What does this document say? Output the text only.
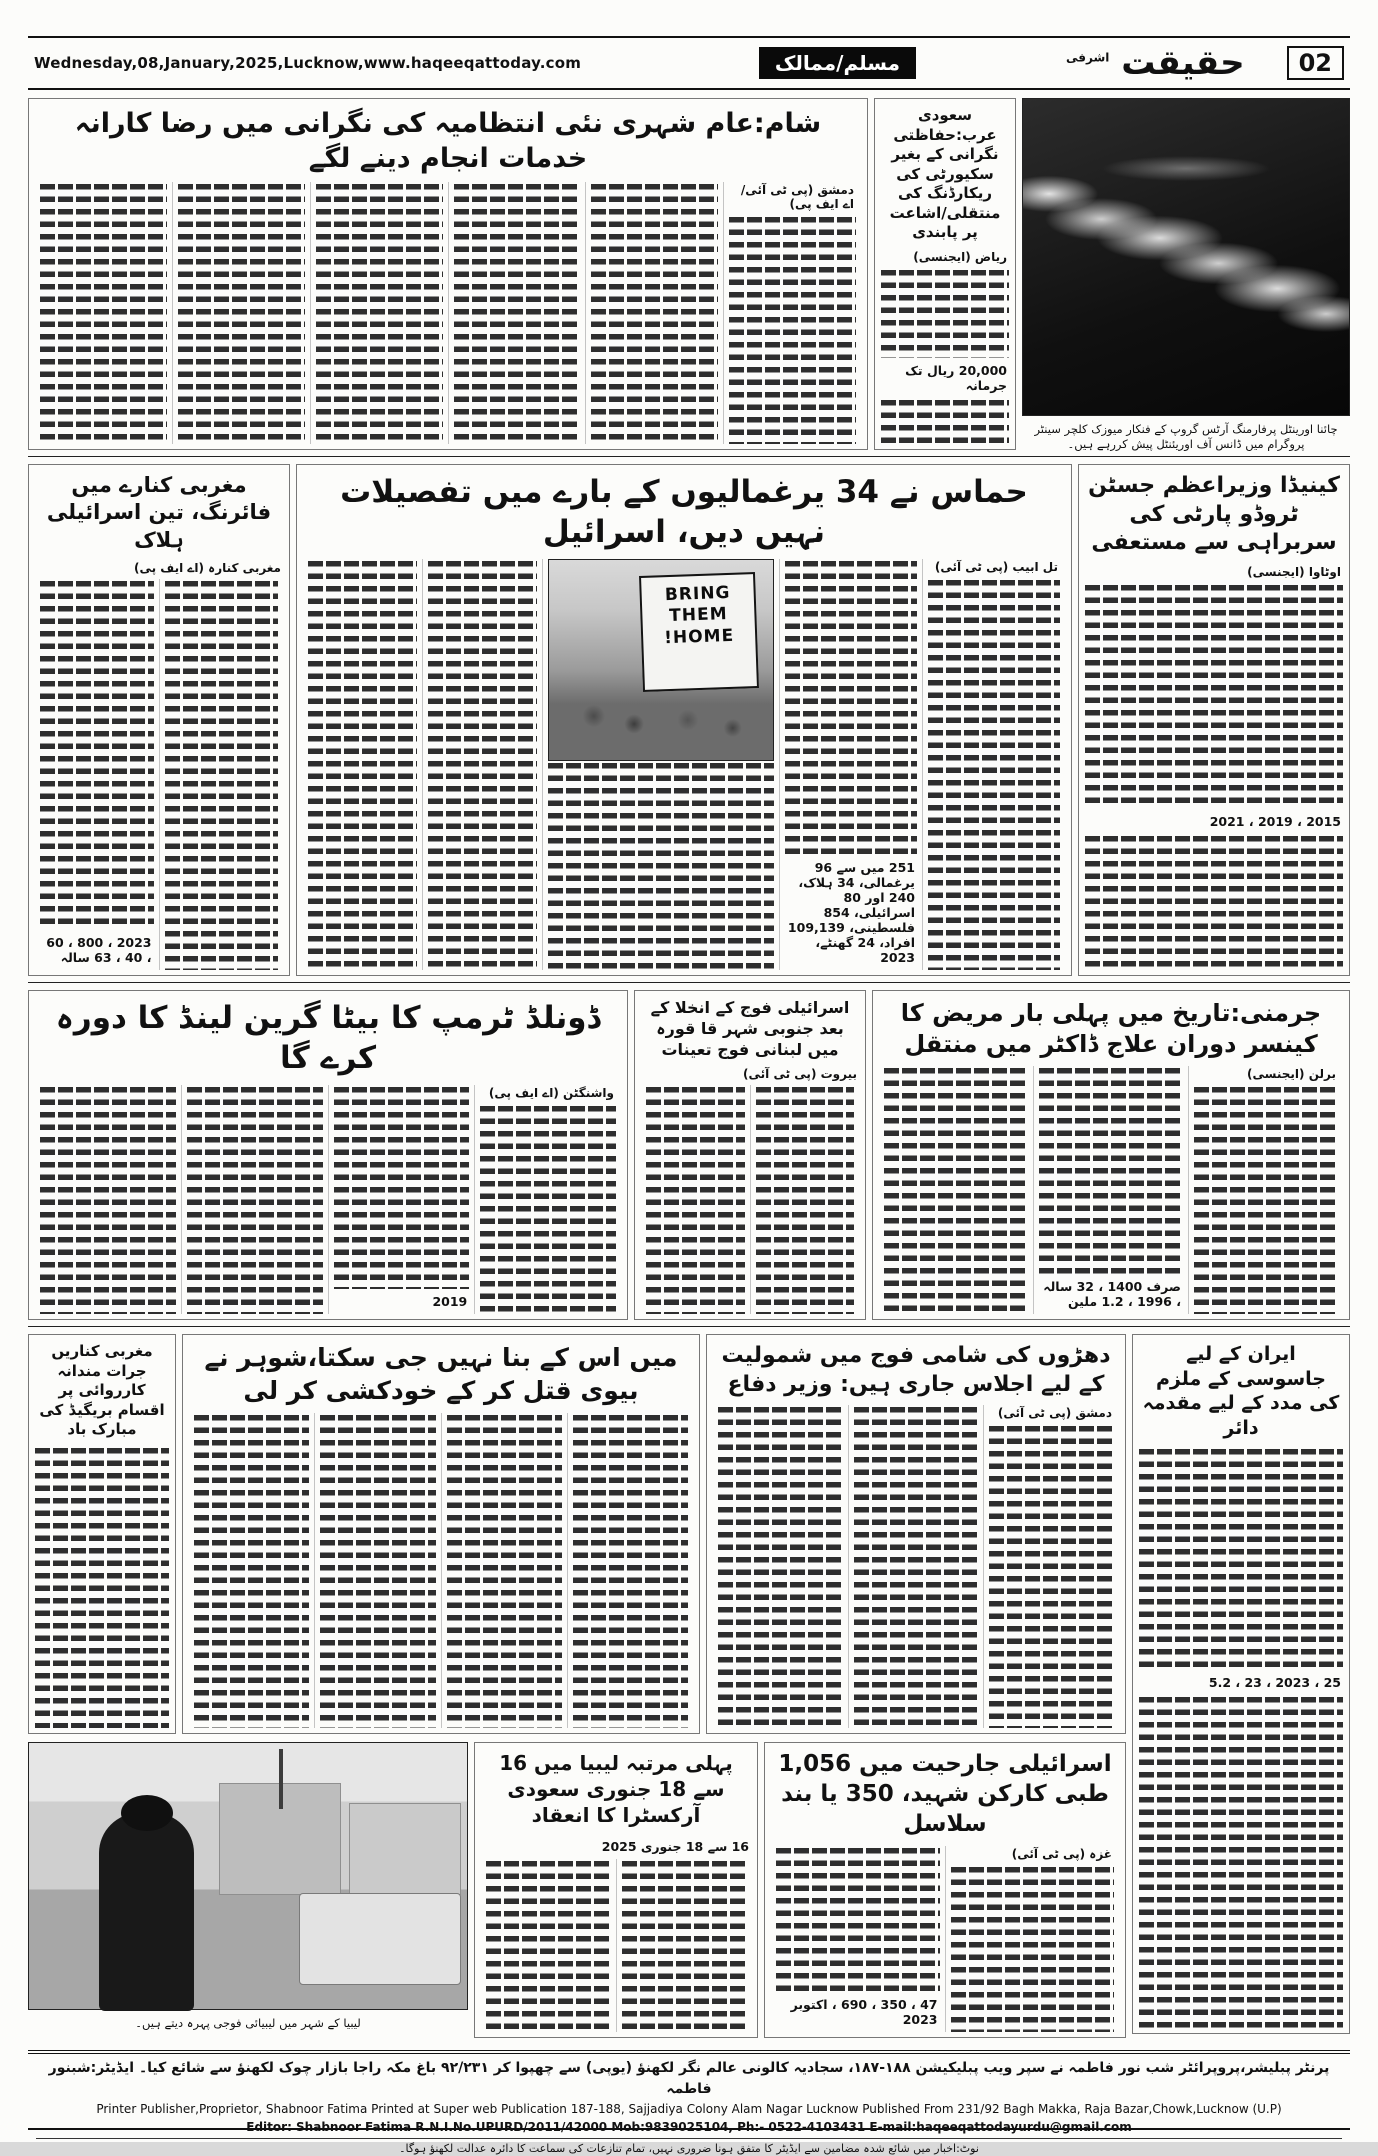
Wednesday,08,January,2025,Lucknow,www.haqeeqattoday.com	مسلم/ممالک	حقیقت $^{اشرفی}$	02
شام:عام شہری نئی انتظامیہ کی نگرانی میں رضا کارانہ خدمات انجام دینے لگے
دمشق (پی ٹی آئی/اے ایف پی)
سعودی عرب:حفاظتی نگرانی کے بغیر سکیورٹی کی ریکارڈنگ کی منتقلی/اشاعت پر پابندی
ریاض (ایجنسی)
20,000 ریال تک جرمانہ
چائنا اورینٹل پرفارمنگ آرٹس گروپ کے فنکار میوزک کلچر سینٹر پروگرام میں ڈانس آف اوریئنٹل پیش کررہے ہیں۔
مغربی کنارے میں فائرنگ، تین اسرائیلی ہلاک
مغربی کنارہ (اے ایف پی)
2023 ، 800 ، 60 ، 40 ، 63 سالہ
حماس نے 34 یرغمالیوں کے بارے میں تفصیلات نہیں دیں، اسرائیل
تل ابیب (پی ٹی آئی)
251 میں سے 96 یرغمالی، 34 ہلاک، 240 اور 80 اسرائیلی، 854 فلسطینی، 109,139 افراد، 24 گھنٹے، 2023
BRING THEM HOME!
کینیڈا وزیراعظم جسٹن ٹروڈو پارٹی کی سربراہی سے مستعفی
اوٹاوا (ایجنسی)
2015 ، 2019 ، 2021
ڈونلڈ ٹرمپ کا بیٹا گرین لینڈ کا دورہ کرے گا
واشنگٹن (اے ایف پی)
2019
اسرائیلی فوج کے انخلا کے بعد جنوبی شہر قا قورہ میں لبنانی فوج تعینات
بیروت (پی ٹی آئی)
جرمنی:تاریخ میں پہلی بار مریض کا کینسر دوران علاج ڈاکٹر میں منتقل
برلن (ایجنسی)
صرف 1400 ، 32 سالہ ، 1996 ، 1.2 ملین
مغربی کناریں جرات مندانہ کارروائی پر اقسام بریگیڈ کی مبارک باد
میں اس کے بنا نہیں جی سکتا،شوہر نے بیوی قتل کر کے خودکشی کر لی
دھڑوں کی شامی فوج میں شمولیت کے لیے اجلاس جاری ہیں: وزیر دفاع
دمشق (پی ٹی آئی)
ایران کے لیے جاسوسی کے ملزم کی مدد کے لیے مقدمہ دائر
25 ، 2023 ، 23 ، 5.2
لیبیا کے شہر میں لیبیائی فوجی پہرہ دیتے ہیں۔
پہلی مرتبہ لیبیا میں 16 سے 18 جنوری سعودی آرکسٹرا کا انعقاد
16 سے 18 جنوری 2025
اسرائیلی جارحیت میں 1,056 طبی کارکن شہید، 350 یا بند سلاسل
غزہ (پی ٹی آئی)
47 ، 350 ، 690 ، اکتوبر 2023
پرنٹر پبلیشر،پروپرائٹر شب نور فاطمہ نے سپر ویب پبلیکیشن ۱۸۸-۱۸۷، سجادیہ کالونی عالم نگر لکھنؤ (یوپی) سے چھپوا کر ۹۲/۲۳۱ باغ مکہ راجا بازار چوک لکھنؤ سے شائع کیا۔ ایڈیٹر:شبنور فاطمہ
Printer Publisher,Proprietor, Shabnoor Fatima Printed at Super web Publication 187-188, Sajjadiya Colony Alam Nagar Lucknow Published From 231/92 Bagh Makka, Raja Bazar,Chowk,Lucknow (U.P)
Editor: Shabnoor Fatima R.N.I.No.UPURD/2011/42000 Mob:9839025104, Ph:- 0522-4103431 E-mail:haqeeqattodayurdu@gmail.com
نوٹ:اخبار میں شائع شدہ مضامین سے ایڈیٹر کا متفق ہونا ضروری نہیں، تمام تنازعات کی سماعت کا دائرہ عدالت لکھنؤ ہوگا۔
